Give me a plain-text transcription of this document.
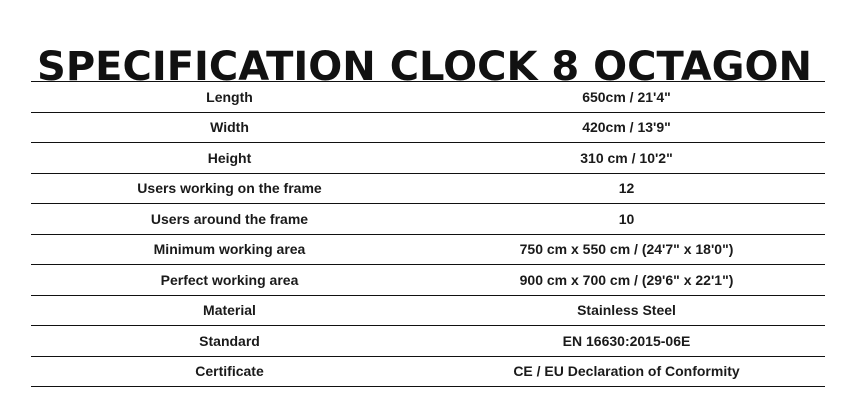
SPECIFICATION CLOCK 8 OCTAGON
Length	650cm / 21'4"
Width	420cm / 13'9"
Height	310 cm / 10'2"
Users working on the frame	12
Users around the frame	10
Minimum working area	750 cm x 550 cm / (24'7" x 18'0")
Perfect working area	900 cm x 700 cm / (29'6" x 22'1")
Material	Stainless Steel
Standard	EN 16630:2015-06E
Certificate	CE / EU Declaration of Conformity
